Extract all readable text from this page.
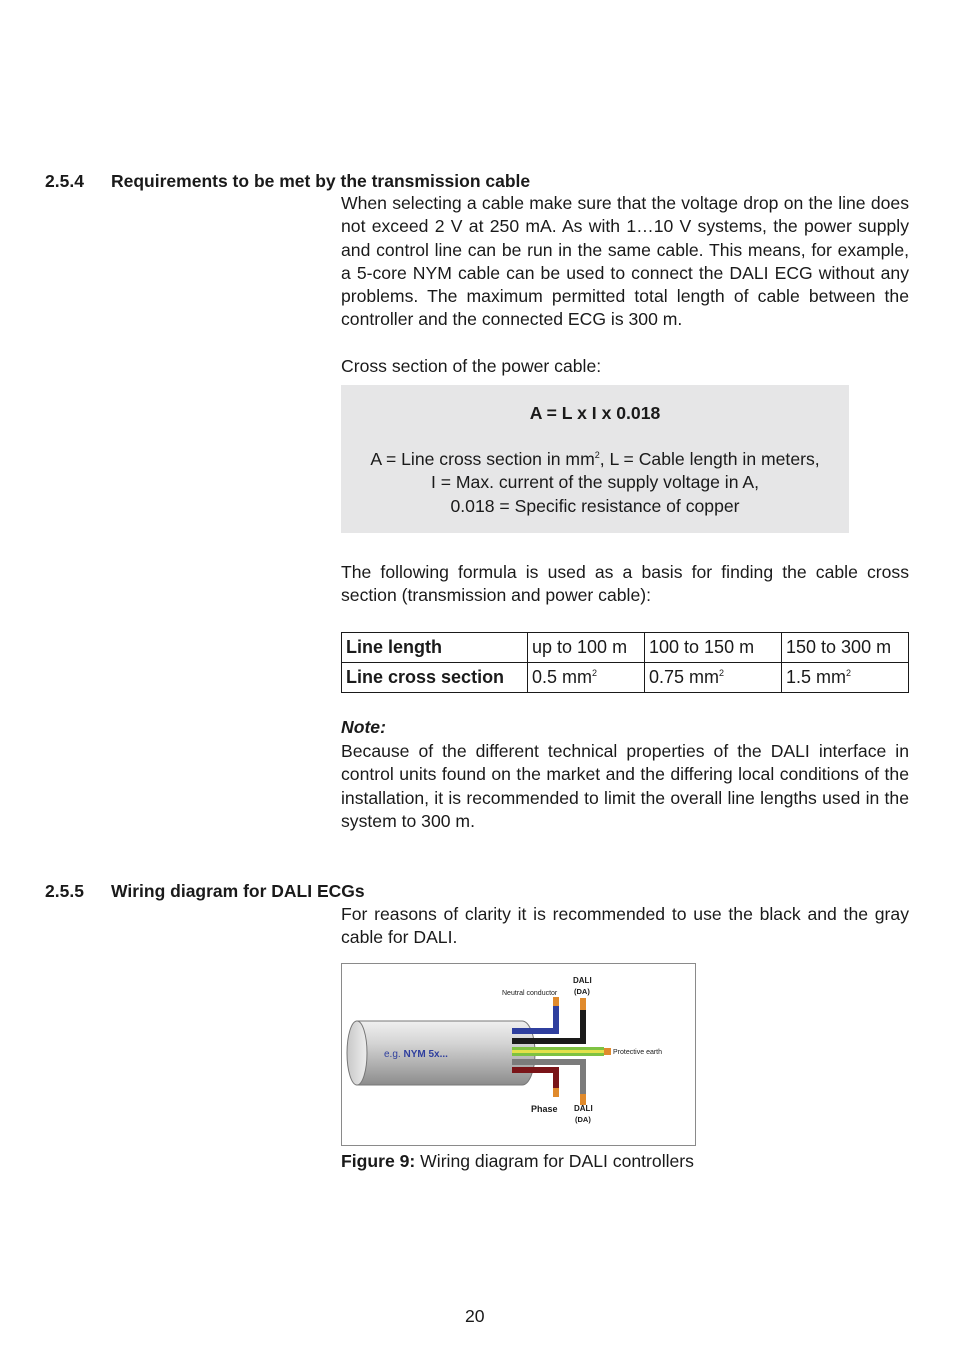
2.5.4 Requirements to be met by the transmission cable

When selecting a cable make sure that the voltage drop on the line does not exceed 2 V at 250 mA. As with 1…10 V systems, the power supply and control line can be run in the same cable. This means, for example, a 5-core NYM cable can be used to connect the DALI ECG without any problems. The maximum permitted total length of cable between the controller and the connected ECG is 300 m.

Cross section of the power cable:
A = L x I x 0.018
A = Line cross section in $mm^2$, L = Cable length in meters,
I = Max. current of the supply voltage in A,
0.018 = Specific resistance of copper

The following formula is used as a basis for finding the cable cross section (transmission and power cable):

Line length	up to 100 m	100 to 150 m	150 to 300 m
Line cross section	0.5 $mm^2$	0.75 $mm^2$	1.5 $mm^2$
Note:

Because of the different technical properties of the DALI interface in control units found on the market and the differing local conditions of the installation, it is recommended to limit the overall line lengths used in the system to 300 m.

2.5.5 Wiring diagram for DALI ECGs

For reasons of clarity it is recommended to use the black and the gray cable for DALI.

e.g. NYM 5x...
Neutral conductor
DALI
(DA)
Protective earth
Phase DALI
(DA)
Figure 9: Wiring diagram for DALI controllers
20
